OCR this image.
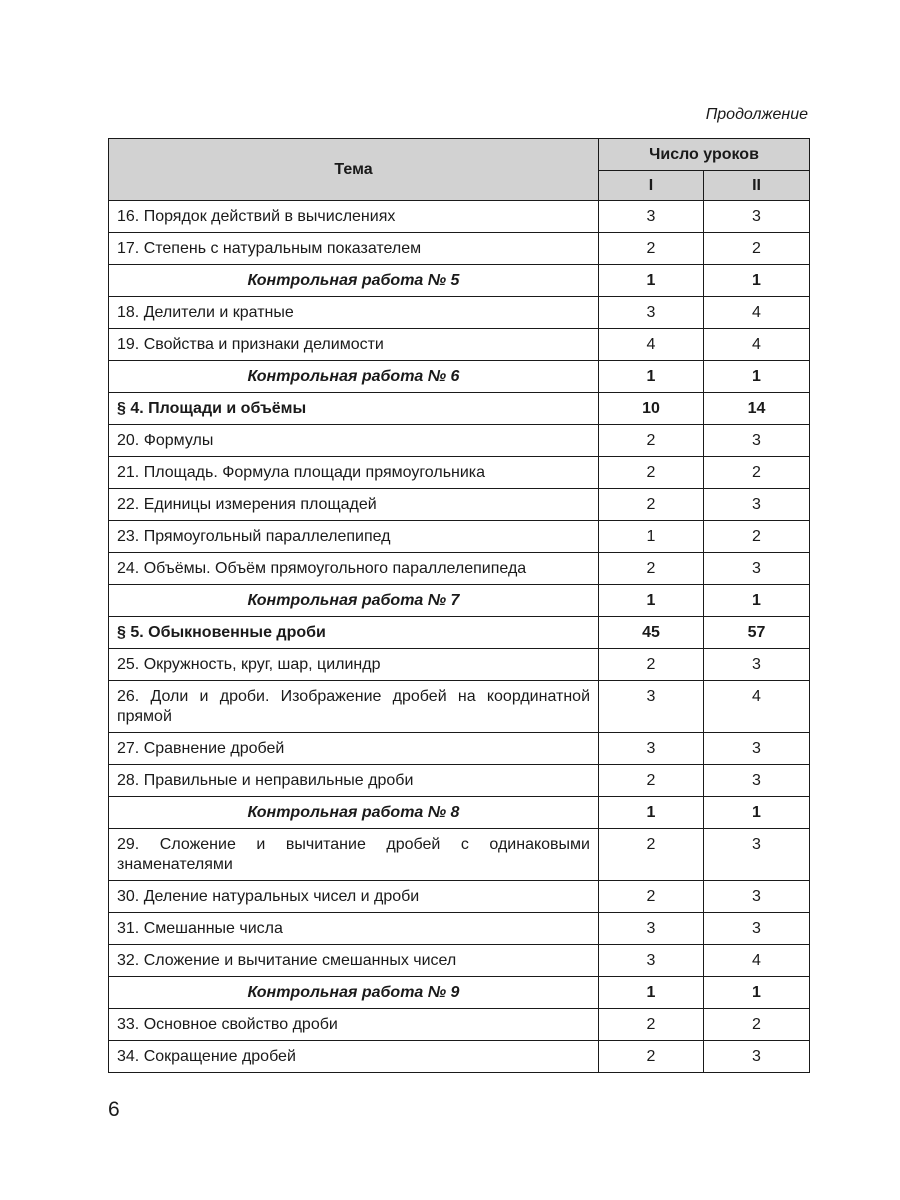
Продолжение
Тема	Число уроков	
	I	II
16. Порядок действий в вычислениях	3	3
17. Степень с натуральным показателем	2	2
Контрольная работа № 5	1	1
18. Делители и кратные	3	4
19. Свойства и признаки делимости	4	4
Контрольная работа № 6	1	1
§ 4. Площади и объёмы	10	14
20. Формулы	2	3
21. Площадь. Формула площади прямоугольника	2	2
22. Единицы измерения площадей	2	3
23. Прямоугольный параллелепипед	1	2
24. Объёмы. Объём прямоугольного параллелепипеда	2	3
Контрольная работа № 7	1	1
§ 5. Обыкновенные дроби	45	57
25. Окружность, круг, шар, цилиндр	2	3
26. Доли и дроби. Изображение дробей на координатной прямой	3	4
27. Сравнение дробей	3	3
28. Правильные и неправильные дроби	2	3
Контрольная работа № 8	1	1
29. Сложение и вычитание дробей с одинаковыми знаменателями	2	3
30. Деление натуральных чисел и дроби	2	3
31. Смешанные числа	3	3
32. Сложение и вычитание смешанных чисел	3	4
Контрольная работа № 9	1	1
33. Основное свойство дроби	2	2
34. Сокращение дробей	2	3
6
